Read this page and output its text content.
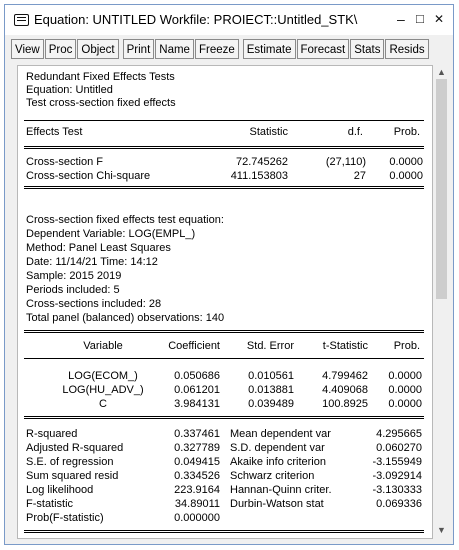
Equation: UNTITLED Workfile: PROIECT::Untitled_STK\	– □ ✕
View Proc Object	Print Name Freeze	Estimate Forecast Stats Resids
Redundant Fixed Effects Tests
Equation: Untitled
Test cross-section fixed effects
Effects Test	Statistic	d.f.	Prob.
Cross-section F	72.745262	(27,110)	0.0000
Cross-section Chi-square	411.153803	27	0.0000
Cross-section fixed effects test equation:
Dependent Variable: LOG(EMPL_)
Method: Panel Least Squares
Date: 11/14/21 Time: 14:12
Sample: 2015 2019
Periods included: 5
Cross-sections included: 28
Total panel (balanced) observations: 140
Variable	Coefficient	Std. Error	t-Statistic	Prob.
LOG(ECOM_)	0.050686	0.010561	4.799462	0.0000
LOG(HU_ADV_)	0.061201	0.013881	4.409068	0.0000
C	3.984131	0.039489	100.8925	0.0000
R-squared	0.337461 Mean dependent var	4.295665
Adjusted R-squared	0.327789 S.D. dependent var	0.060270
S.E. of regression	0.049415 Akaike info criterion	-3.155949
Sum squared resid	0.334526 Schwarz criterion	-3.092914
Log likelihood	223.9164 Hannan-Quinn criter.	-3.130333
F-statistic	34.89011 Durbin-Watson stat	0.069336
Prob(F-statistic)	0.000000
▲
▼
